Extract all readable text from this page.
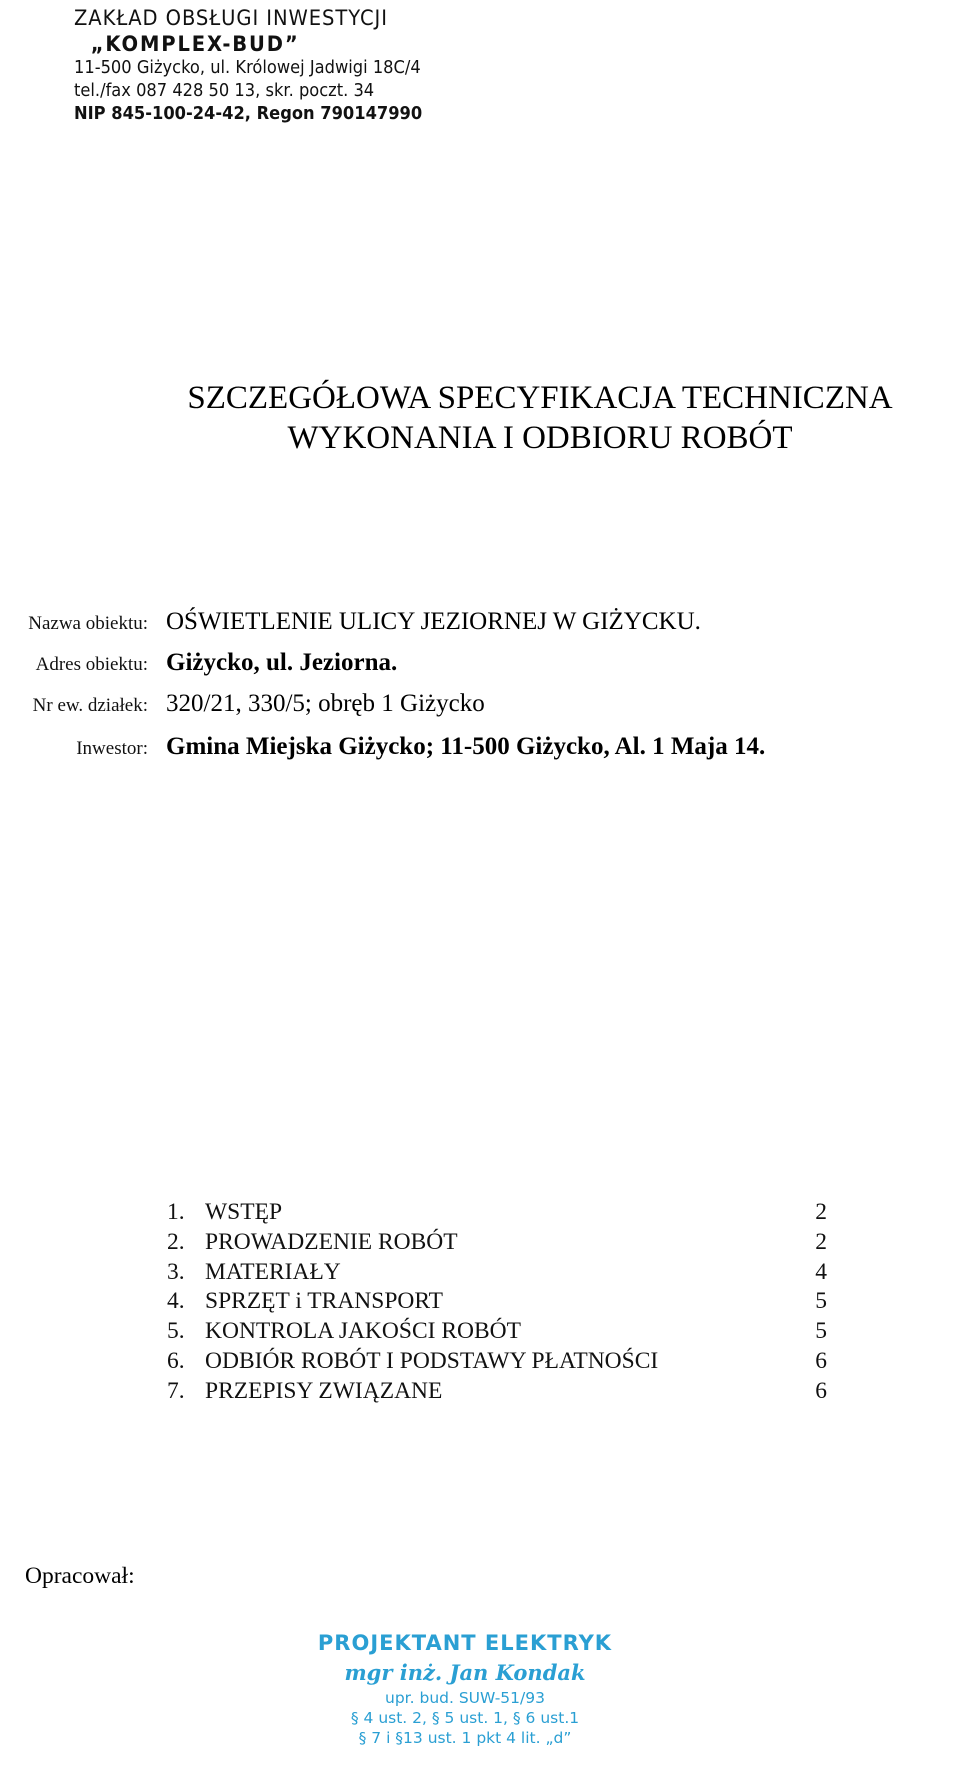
ZAKŁAD OBSŁUGI INWESTYCJI
„KOMPLEX-BUD”
11-500 Giżycko, ul. Królowej Jadwigi 18C/4
tel./fax 087 428 50 13, skr. poczt. 34
NIP 845-100-24-42, Regon 790147990
SZCZEGÓŁOWA SPECYFIKACJA TECHNICZNA
WYKONANIA I ODBIORU ROBÓT
Nazwa obiektu: OŚWIETLENIE ULICY JEZIORNEJ W GIŻYCKU.
Adres obiektu: Giżycko, ul. Jeziorna.
Nr ew. działek: 320/21, 330/5; obręb 1 Giżycko
Inwestor: Gmina Miejska Giżycko; 11-500 Giżycko, Al. 1 Maja 14.
1. WSTĘP	2
2. PROWADZENIE ROBÓT	2
3. MATERIAŁY	4
4. SPRZĘT i TRANSPORT	5
5. KONTROLA JAKOŚCI ROBÓT	5
6. ODBIÓR ROBÓT I PODSTAWY PŁATNOŚCI	6
7. PRZEPISY ZWIĄZANE	6
Opracował:
PROJEKTANT ELEKTRYK
mgr inż. Jan Kondak
upr. bud. SUW-51/93
§ 4 ust. 2, § 5 ust. 1, § 6 ust.1
§ 7 i §13 ust. 1 pkt 4 lit. „d”
